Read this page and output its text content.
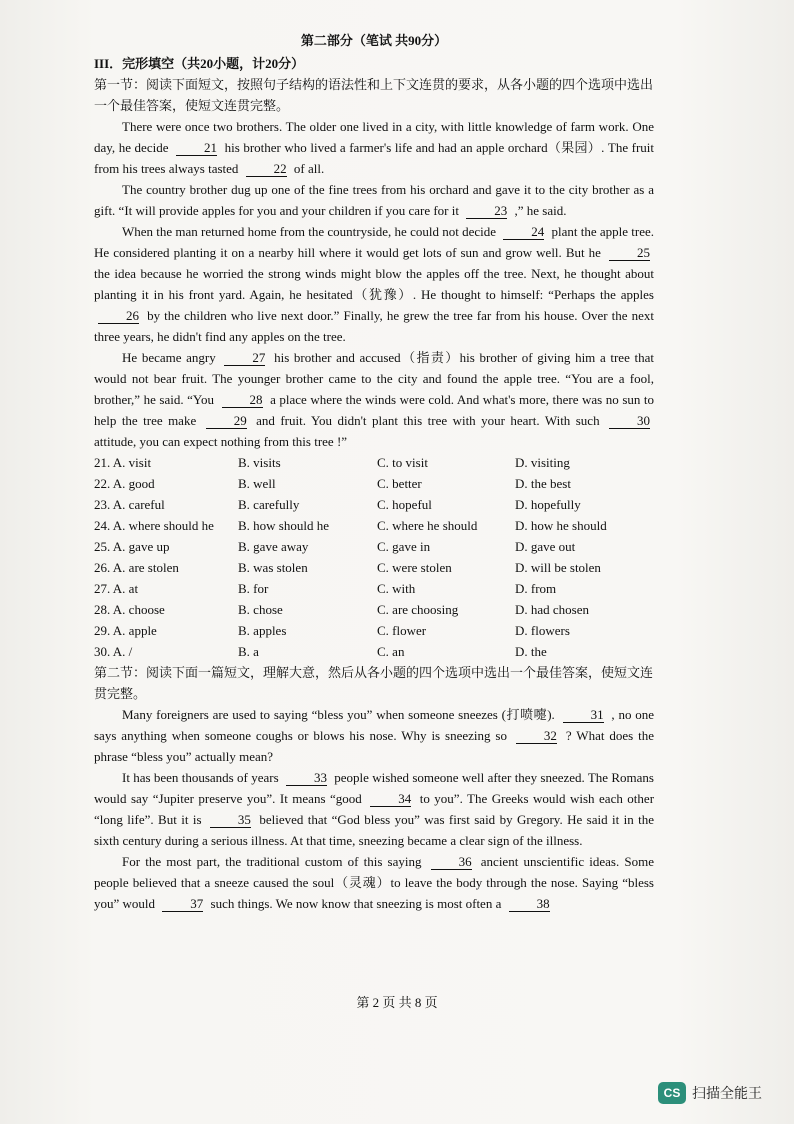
第二部分（笔试 共90分）
III．完形填空（共20小题，计20分）
第一节：阅读下面短文，按照句子结构的语法性和上下文连贯的要求，从各小题的四个选项中选出一个最佳答案，使短文连贯完整。

There were once two brothers. The older one lived in a city, with little knowledge of farm work. One day, he decide	21 his brother who lived a farmer's life and had an apple orchard（果园）. The fruit from his trees always tasted	22 of all.

The country brother dug up one of the fine trees from his orchard and gave it to the city brother as a gift. “It will provide apples for you and your children if you care for it	23 ,” he said.

When the man returned home from the countryside, he could not decide	24 plant the apple tree. He considered planting it on a nearby hill where it would get lots of sun and grow well. But he	25 the idea because he worried the strong winds might blow the apples off the tree. Next, he thought about planting it in his front yard. Again, he hesitated（犹豫）. He thought to himself: “Perhaps the apples 26 by the children who live next door.” Finally, he grew the tree far from his house. Over the next three years, he didn't find any apples on the tree.

He became angry	27 his brother and accused（指责）his brother of giving him a tree that would not bear fruit. The younger brother came to the city and found the apple tree. “You are a fool, brother,” he said. “You	28 a place where the winds were cold. And what's more, there was no sun to help the tree make	29 and fruit. You didn't plant this tree with your heart. With such	30 attitude, you can expect nothing from this tree !”

21. A. visit	B. visits	C. to visit	D. visiting
22. A. good	B. well	C. better	D. the best
23. A. careful	B. carefully	C. hopeful	D. hopefully
24. A. where should he	B. how should he	C. where he should	D. how he should
25. A. gave up	B. gave away	C. gave in	D. gave out
26. A. are stolen	B. was stolen	C. were stolen	D. will be stolen
27. A. at	B. for	C. with	D. from
28. A. choose	B. chose	C. are choosing	D. had chosen
29. A. apple	B. apples	C. flower	D. flowers
30. A. /	B. a	C. an	D. the
第二节：阅读下面一篇短文，理解大意，然后从各小题的四个选项中选出一个最佳答案，使短文连贯完整。

Many foreigners are used to saying “bless you” when someone sneezes (打喷嚏).	31 , no one says anything when someone coughs or blows his nose. Why is sneezing so	32 ? What does the phrase “bless you” actually mean?

It has been thousands of years	33 people wished someone well after they sneezed. The Romans would say “Jupiter preserve you”. It means “good	34 to you”. The Greeks would wish each other “long life”. But it is	35 believed that “God bless you” was first said by Gregory. He said it in the sixth century during a serious illness. At that time, sneezing became a clear sign of the illness.

For the most part, the traditional custom of this saying	36 ancient unscientific ideas. Some people believed that a sneeze caused the soul（灵魂）to leave the body through the nose. Saying “bless you” would	37 such things. We now know that sneezing is most often a	38

第 2 页 共 8 页
CS 扫描全能王
